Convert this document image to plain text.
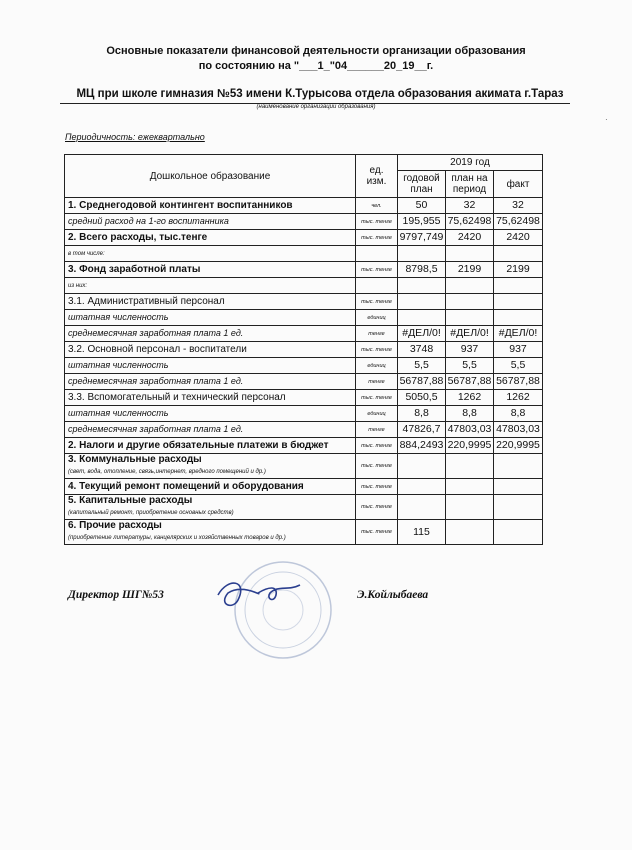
Основные показатели финансовой деятельности организации образования
по состоянию на "___1_"04______20_19__г.
МЦ при школе гимназия №53 имени К.Турысова отдела образования акимата г.Тараз
(наименование организации образования)
Периодичность: ежеквартально
Дошкольное образование	ед. изм.	2019 год		
		годовой план	план на период	факт
1. Среднегодовой контингент воспитанников	чел.	50	32	32
средний расход на 1-го воспитанника	тыс. тенге	195,955	75,62498	75,62498
2. Всего расходы, тыс.тенге	тыс. тенге	9797,749	2420	2420
в том числе:				
3. Фонд заработной платы	тыс. тенге	8798,5	2199	2199
из них:				
3.1. Административный персонал	тыс. тенге			
штатная численность	единиц			
среднемесячная заработная плата 1 ед.	тенге	#ДЕЛ/0!	#ДЕЛ/0!	#ДЕЛ/0!
3.2. Основной персонал - воспитатели	тыс. тенге	3748	937	937
штатная численность	единиц	5,5	5,5	5,5
среднемесячная заработная плата 1 ед.	тенге	56787,88	56787,88	56787,88
3.3. Вспомогательный и технический персонал	тыс. тенге	5050,5	1262	1262
штатная численность	единиц	8,8	8,8	8,8
среднемесячная заработная плата 1 ед.	тенге	47826,7	47803,03	47803,03
2. Налоги и другие обязательные платежи в бюджет	тыс. тенге	884,2493	220,9995	220,9995
3. Коммунальные расходы
(свет, вода, отопление, связь,интернет, вредного помещений и др.)	тыс. тенге			
4. Текущий ремонт помещений и оборудования	тыс. тенге			
5. Капитальные расходы
(капитальный ремонт, приобретение основных средств)	тыс. тенге			
6. Прочие расходы
(приобретение литературы, канцелярских и хозяйственных товаров и др.)	тыс. тенге	115		
Директор ШГ№53	Э.Койлыбаева
·
